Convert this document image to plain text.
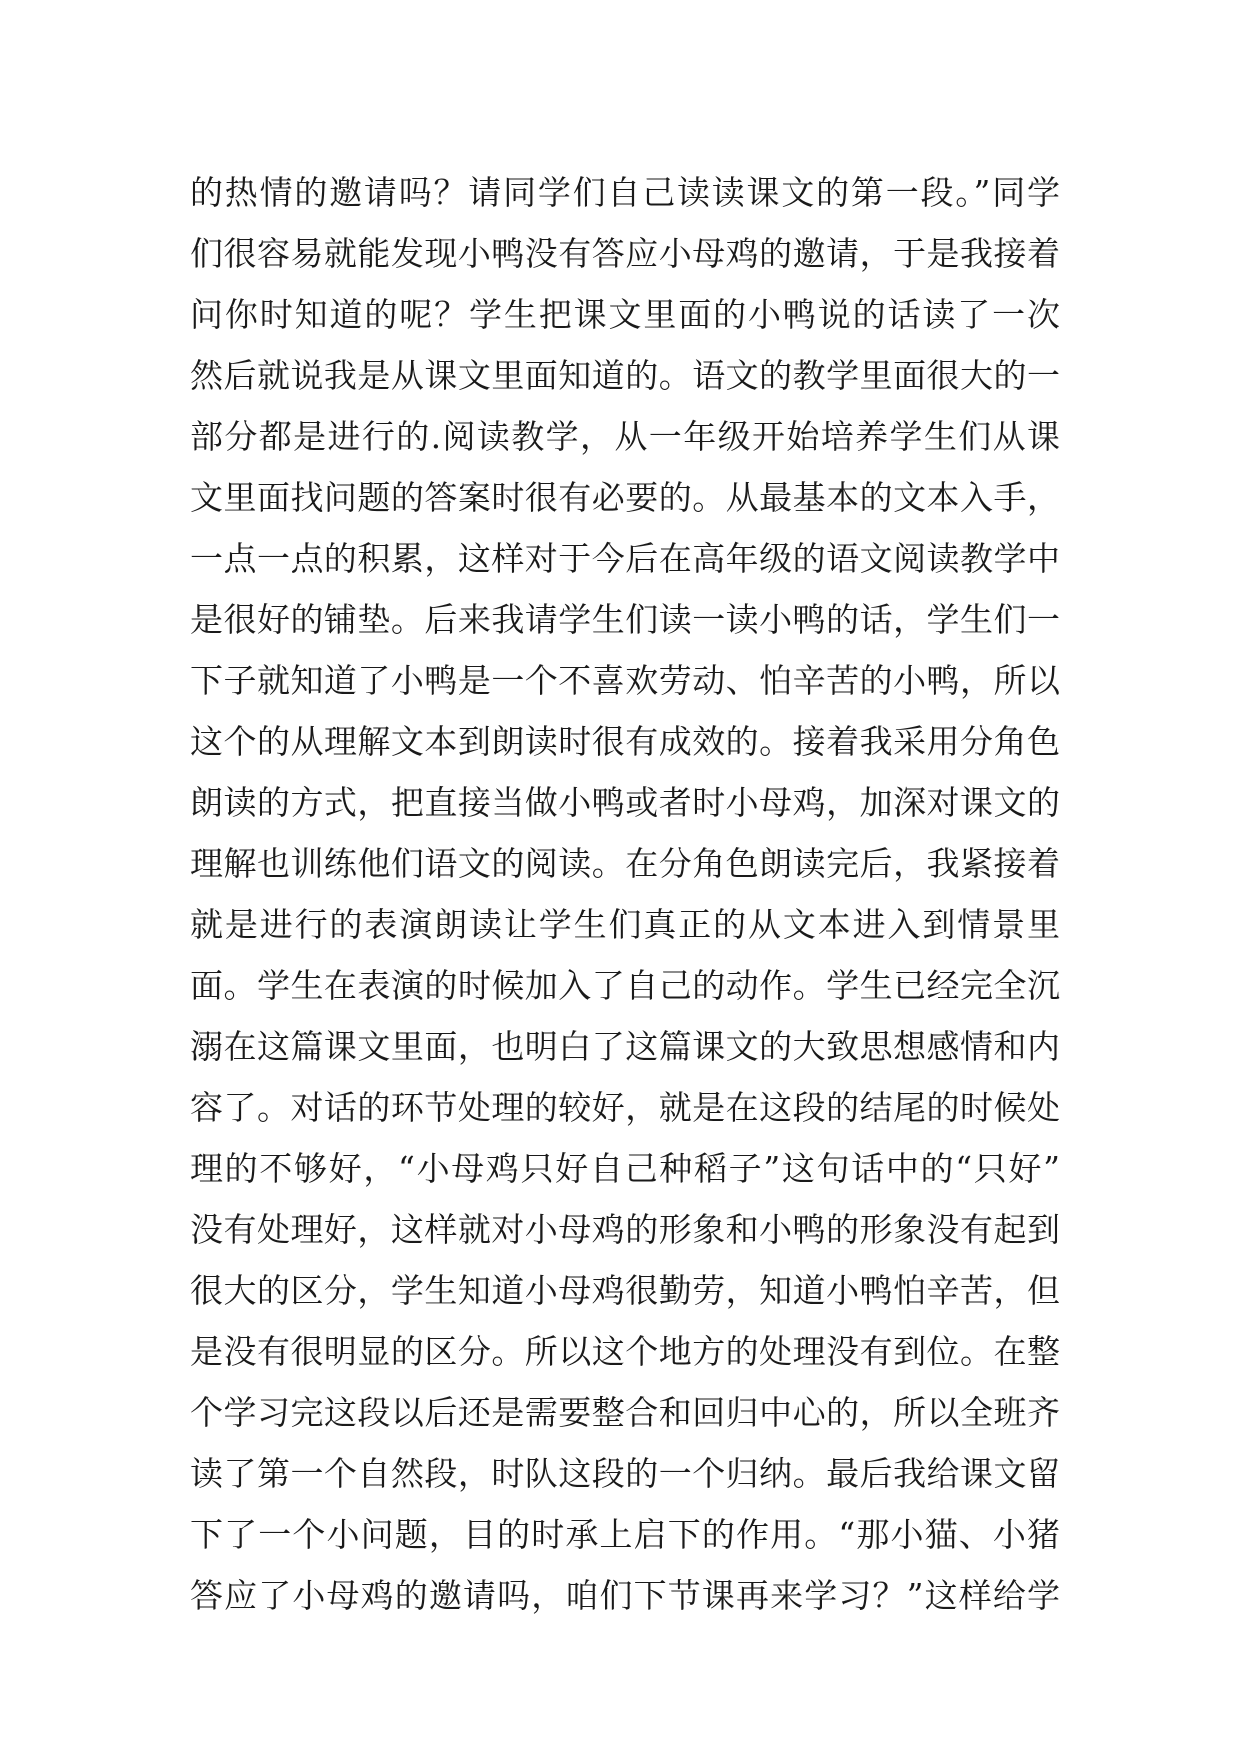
的热情的邀请吗？请同学们自己读读课文的第一段。”同学
们很容易就能发现小鸭没有答应小母鸡的邀请，于是我接着
问你时知道的呢？学生把课文里面的小鸭说的话读了一次
然后就说我是从课文里面知道的。语文的教学里面很大的一
部分都是进行的.阅读教学，从一年级开始培养学生们从课
文里面找问题的答案时很有必要的。从最基本的文本入手，
一点一点的积累，这样对于今后在高年级的语文阅读教学中
是很好的铺垫。后来我请学生们读一读小鸭的话，学生们一
下子就知道了小鸭是一个不喜欢劳动、怕辛苦的小鸭，所以
这个的从理解文本到朗读时很有成效的。接着我采用分角色
朗读的方式，把直接当做小鸭或者时小母鸡，加深对课文的
理解也训练他们语文的阅读。在分角色朗读完后，我紧接着
就是进行的表演朗读让学生们真正的从文本进入到情景里
面。学生在表演的时候加入了自己的动作。学生已经完全沉
溺在这篇课文里面，也明白了这篇课文的大致思想感情和内
容了。对话的环节处理的较好，就是在这段的结尾的时候处
理的不够好，“小母鸡只好自己种稻子”这句话中的“只好”
没有处理好，这样就对小母鸡的形象和小鸭的形象没有起到
很大的区分，学生知道小母鸡很勤劳，知道小鸭怕辛苦，但
是没有很明显的区分。所以这个地方的处理没有到位。在整
个学习完这段以后还是需要整合和回归中心的，所以全班齐
读了第一个自然段，时队这段的一个归纳。最后我给课文留
下了一个小问题，目的时承上启下的作用。“那小猫、小猪
答应了小母鸡的邀请吗，咱们下节课再来学习？”这样给学
